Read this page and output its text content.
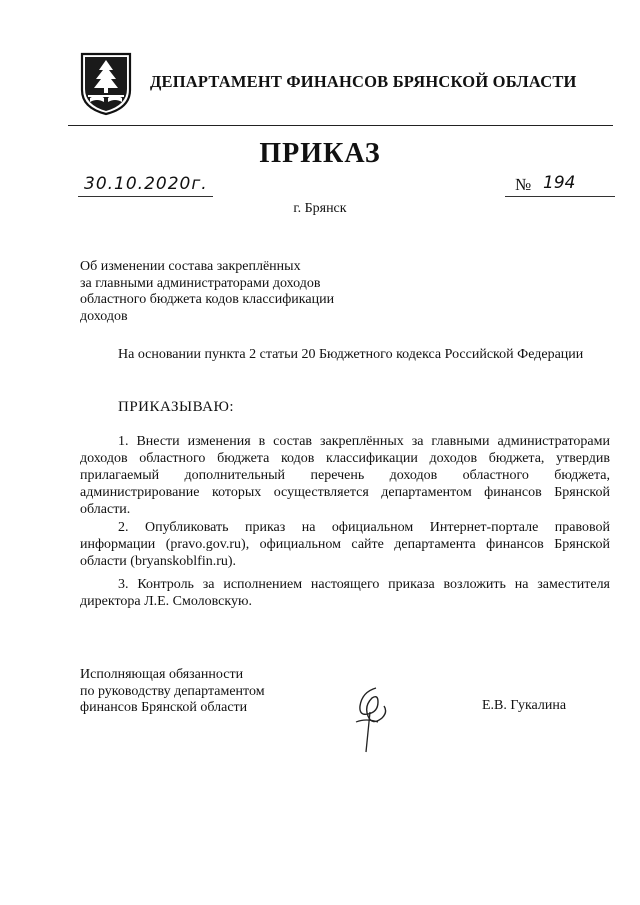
ДЕПАРТАМЕНТ ФИНАНСОВ БРЯНСКОЙ ОБЛАСТИ
ПРИКАЗ
30.10.2020г.	№ 194
г. Брянск
Об изменении состава закреплённых
за главными администраторами доходов
областного бюджета кодов классификации
доходов
На основании пункта 2 статьи 20 Бюджетного кодекса Российской Федерации
ПРИКАЗЫВАЮ:
1. Внести изменения в состав закреплённых за главными администраторами доходов областного бюджета кодов классификации доходов бюджета, утвердив прилагаемый дополнительный перечень доходов областного бюджета, администрирование которых осуществляется департаментом финансов Брянской области.
2. Опубликовать приказ на официальном Интернет-портале правовой информации (pravo.gov.ru), официальном сайте департамента финансов Брянской области (bryanskoblfin.ru).
3. Контроль за исполнением настоящего приказа возложить на заместителя директора Л.Е. Смоловскую.
Исполняющая обязанности
по руководству департаментом
финансов Брянской области	Е.В. Гукалина
